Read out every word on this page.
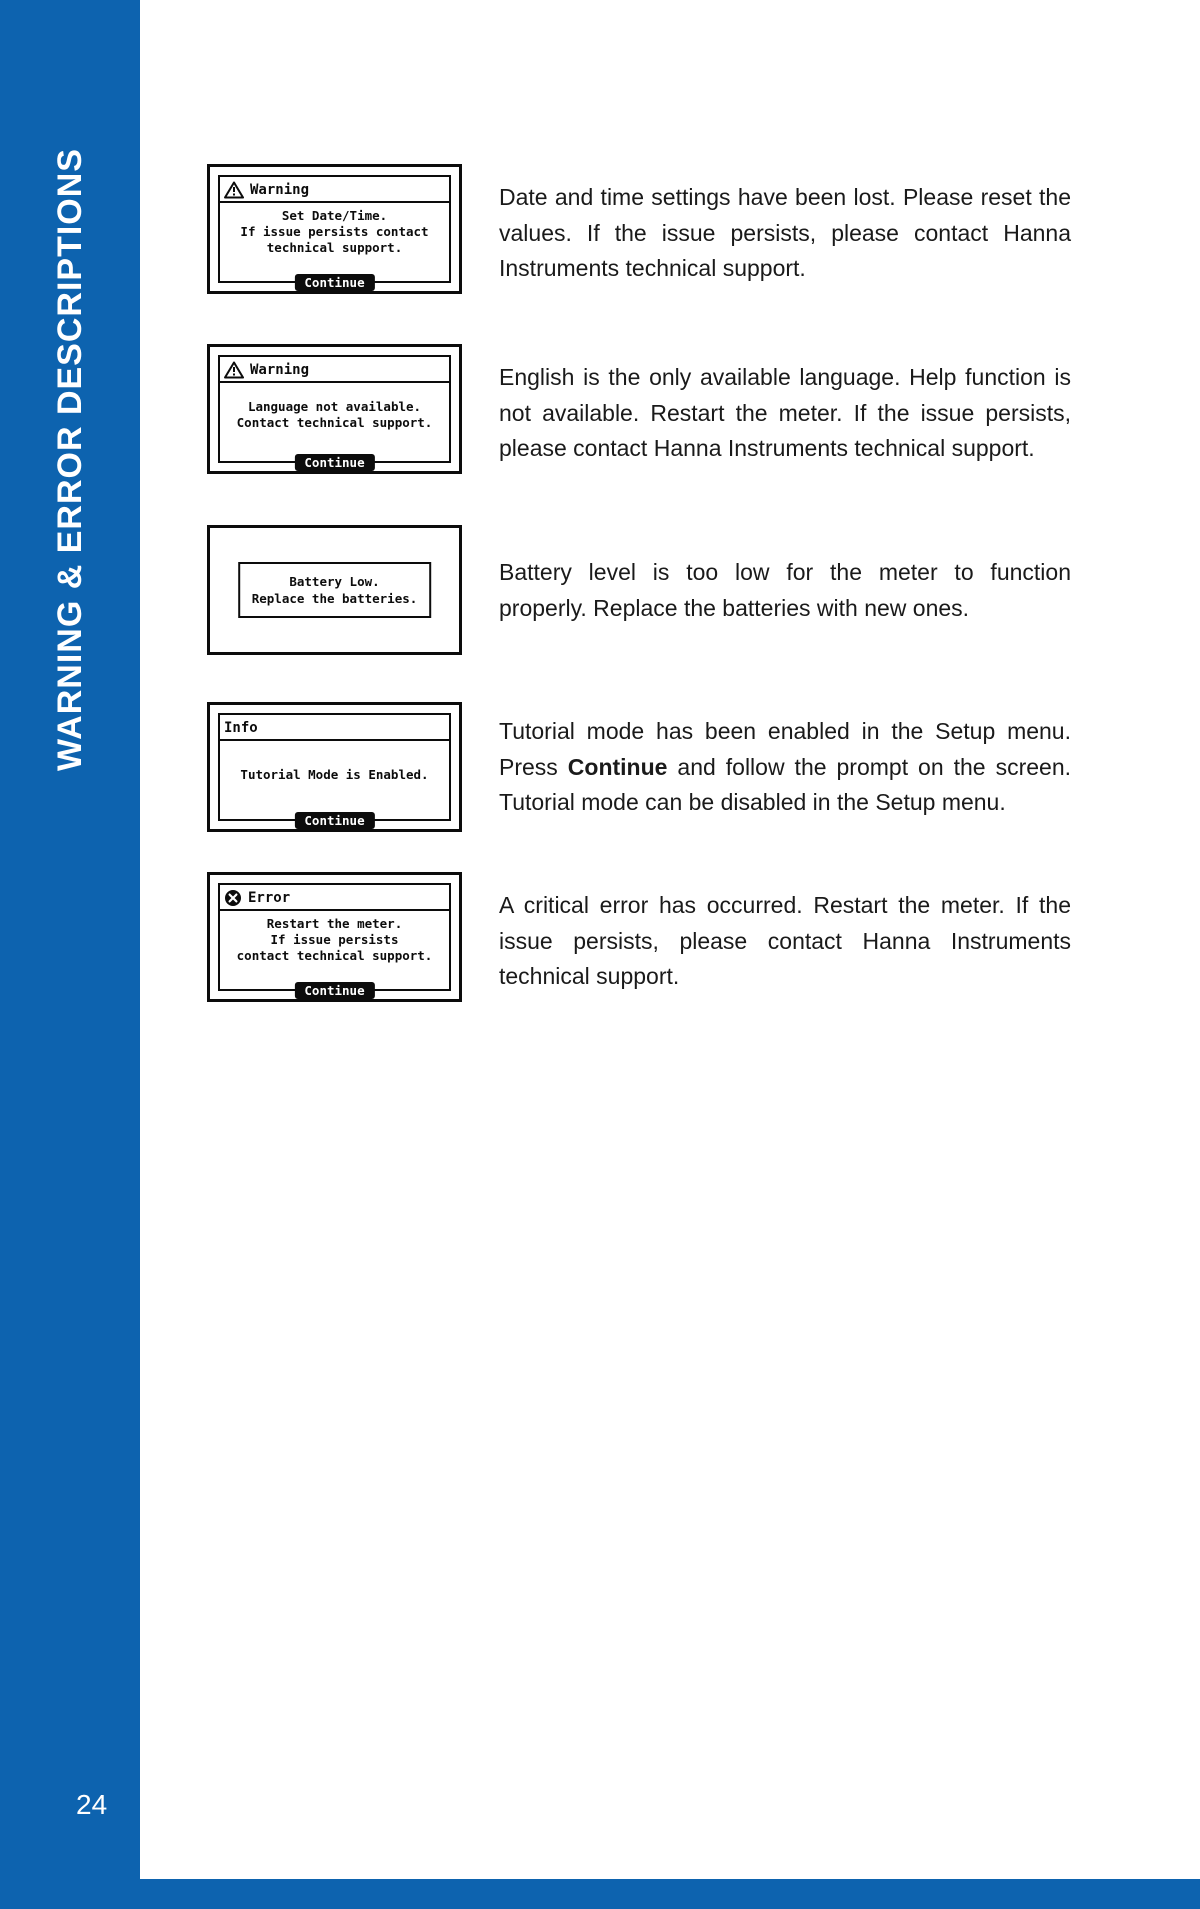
WARNING & ERROR DESCRIPTIONS
24
Warning
Set Date/Time.
If issue persists contact
technical support.
Continue

Date and time settings have been lost. Please reset the values. If the issue persists, please contact Hanna Instruments technical support.

Warning
Language not available.
Contact technical support.
Continue

English is the only available language. Help function is not available. Restart the meter. If the issue persists, please contact Hanna Instruments technical support.

Battery Low.
Replace the batteries.

Battery level is too low for the meter to function properly. Replace the batteries with new ones.

Info
Tutorial Mode is Enabled.
Continue

Tutorial mode has been enabled in the Setup menu. Press Continue and follow the prompt on the screen. Tutorial mode can be disabled in the Setup menu.

Error
Restart the meter.
If issue persists
contact technical support.
Continue

A critical error has occurred. Restart the meter. If the issue persists, please contact Hanna Instruments technical support.
